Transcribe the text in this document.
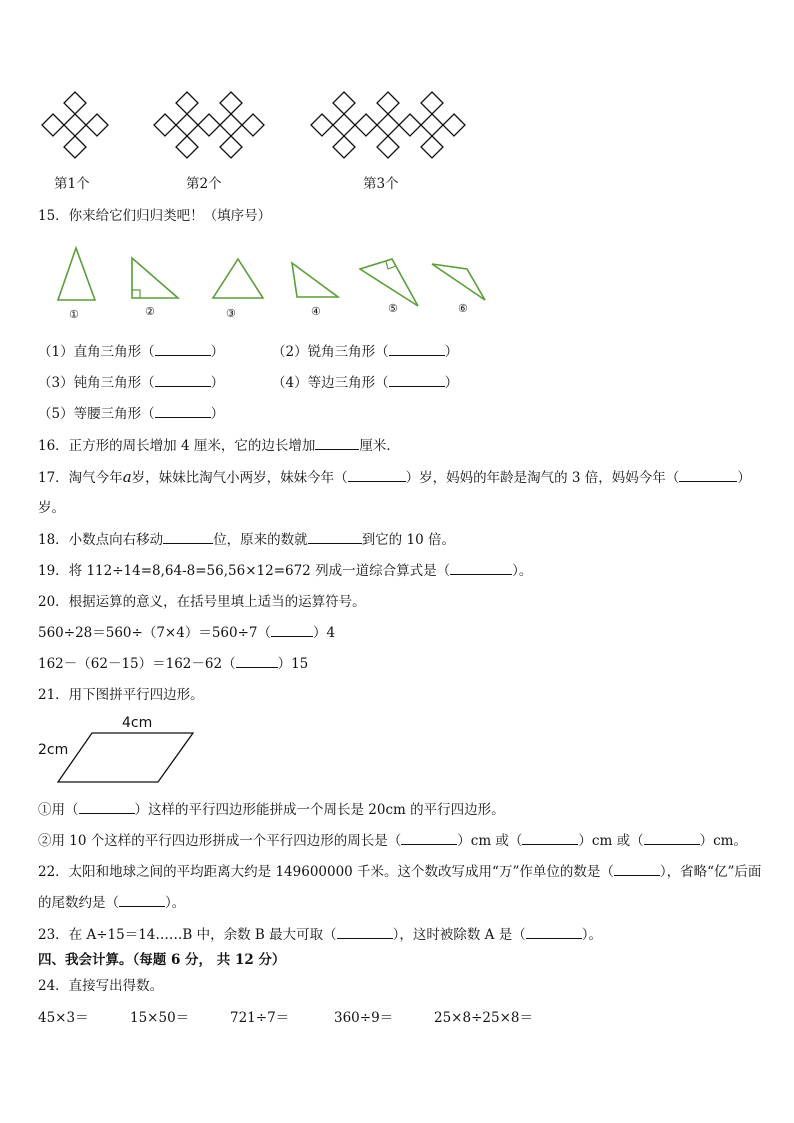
第1个	第2个	第3个
15．你来给它们归归类吧！（填序号）
①	②	③	④	⑤	⑥
（1）直角三角形（	）	（2）锐角三角形（	）
（3）钝角三角形（	）	（4）等边三角形（	）
（5）等腰三角形（	）
16．正方形的周长增加 4 厘米，它的边长增加	厘米．
17．淘气今年a岁，妹妹比淘气小两岁，妹妹今年（	）岁，妈妈的年龄是淘气的 3 倍，妈妈今年（	）
岁。
18．小数点向右移动	位，原来的数就	到它的 10 倍。
19．将 112÷14=8,64-8=56,56×12=672 列成一道综合算式是（	）。
20．根据运算的意义，在括号里填上适当的运算符号。
560÷28＝560÷（7×4）＝560÷7（	）4
162－（62－15）＝162－62（	）15
21．用下图拼平行四边形。
4cm
2cm
①用（	）这样的平行四边形能拼成一个周长是 20cm 的平行四边形。
②用 10 个这样的平行四边形拼成一个平行四边形的周长是（	）cm 或（	）cm 或（	）cm。
22．太阳和地球之间的平均距离大约是 149600000 千米。这个数改写成用“万”作单位的数是（	），省略“亿”后面
的尾数约是（	）。
23．在 A÷15＝14……B 中，余数 B 最大可取（	），这时被除数 A 是（	）。
四、我会计算。（每题 6 分， 共 12 分）
24．直接写出得数。
45×3＝	15×50＝	721÷7＝	360÷9＝	25×8÷25×8＝
